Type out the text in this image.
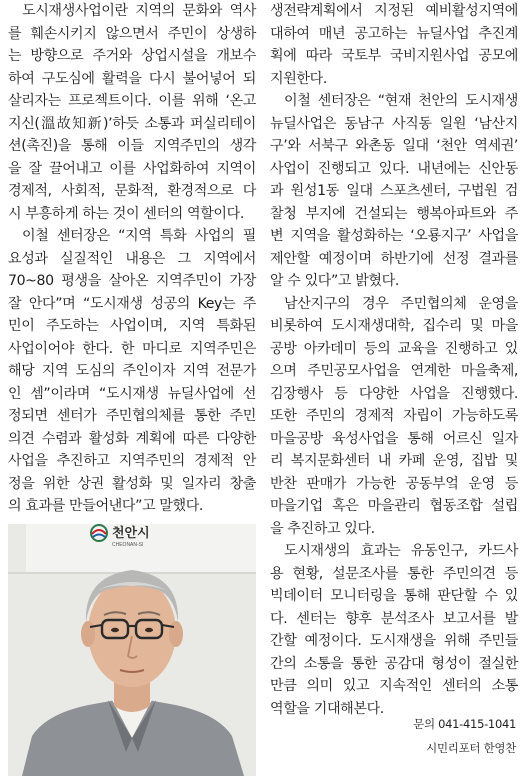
도시재생사업이란 지역의 문화와 역사
를 훼손시키지 않으면서 주민이 상생하
는 방향으로 주거와 상업시설을 개보수
하여 구도심에 활력을 다시 불어넣어 되
살리자는 프로젝트이다. 이를 위해 ‘온고
지신(溫故知新)’하듯 소통과 퍼실리테이
션(촉진)을 통해 이들 지역주민의 생각
을 잘 끌어내고 이를 사업화하여 지역이
경제적, 사회적, 문화적, 환경적으로 다
시 부흥하게 하는 것이 센터의 역할이다.
이철 센터장은 “지역 특화 사업의 필
요성과 실질적인 내용은 그 지역에서
70~80 평생을 살아온 지역주민이 가장
잘 안다”며 “도시재생 성공의 Key는 주
민이 주도하는 사업이며, 지역 특화된
사업이어야 한다. 한 마디로 지역주민은
해당 지역 도심의 주인이자 지역 전문가
인 셈”이라며 “도시재생 뉴딜사업에 선
정되면 센터가 주민협의체를 통한 주민
의견 수렴과 활성화 계획에 따른 다양한
사업을 추진하고 지역주민의 경제적 안
정을 위한 상권 활성화 및 일자리 창출
의 효과를 만들어낸다”고 말했다.
생전략계획에서 지정된 예비활성지역에
대하여 매년 공고하는 뉴딜사업 추진계
획에 따라 국토부 국비지원사업 공모에
지원한다.
이철 센터장은 “현재 천안의 도시재생
뉴딜사업은 동남구 사직동 일원 ‘남산지
구’와 서북구 와촌동 일대 ‘천안 역세권’
사업이 진행되고 있다. 내년에는 신안동
과 원성1동 일대 스포츠센터, 구법원 검
찰청 부지에 건설되는 행복아파트와 주
변 지역을 활성화하는 ‘오룡지구’ 사업을
제안할 예정이며 하반기에 선정 결과를
알 수 있다”고 밝혔다.
남산지구의 경우 주민협의체 운영을
비롯하여 도시재생대학, 집수리 및 마을
공방 아카데미 등의 교육을 진행하고 있
으며 주민공모사업을 연계한 마을축제,
김장행사 등 다양한 사업을 진행했다.
또한 주민의 경제적 자립이 가능하도록
마을공방 육성사업을 통해 어르신 일자
리 복지문화센터 내 카페 운영, 집밥 및
반찬 판매가 가능한 공동부엌 운영 등
마을기업 혹은 마을관리 협동조합 설립
을 추진하고 있다.
도시재생의 효과는 유동인구, 카드사
용 현황, 설문조사를 통한 주민의견 등
빅데이터 모니터링을 통해 판단할 수 있
다. 센터는 향후 분석조사 보고서를 발
간할 예정이다. 도시재생을 위해 주민들
간의 소통을 통한 공감대 형성이 절실한
만큼 의미 있고 지속적인 센터의 소통
역할을 기대해본다.
천안시
CHEONAN-SI
문의 041-415-1041
시민리포터 한영찬
